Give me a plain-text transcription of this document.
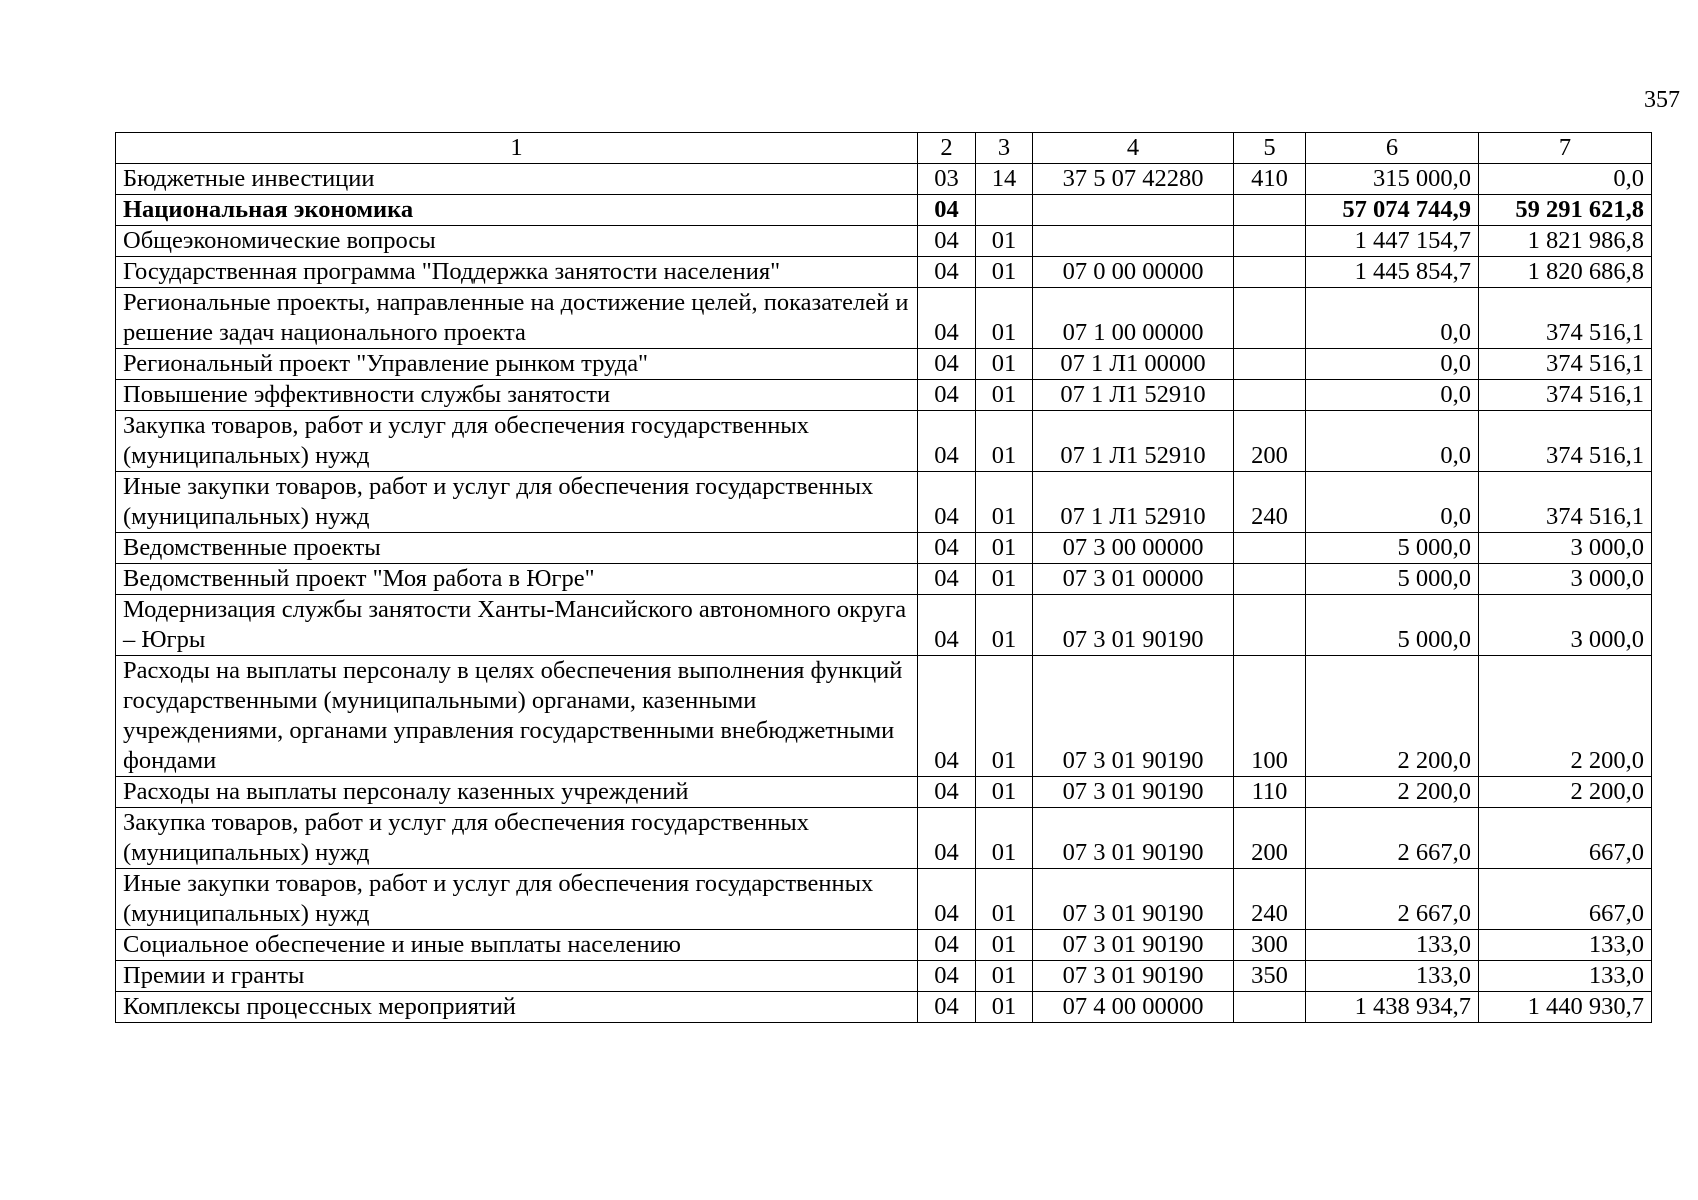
357
1	2	3	4	5	6	7
Бюджетные инвестиции	03	14	37 5 07 42280	410	315 000,0	0,0
Национальная экономика	04				57 074 744,9	59 291 621,8
Общеэкономические вопросы	04	01			1 447 154,7	1 821 986,8
Государственная программа "Поддержка занятости населения"	04	01	07 0 00 00000		1 445 854,7	1 820 686,8
Региональные проекты, направленные на достижение целей, показателей и решение задач национального проекта	04	01	07 1 00 00000		0,0	374 516,1
Региональный проект "Управление рынком труда"	04	01	07 1 Л1 00000		0,0	374 516,1
Повышение эффективности службы занятости	04	01	07 1 Л1 52910		0,0	374 516,1
Закупка товаров, работ и услуг для обеспечения государственных (муниципальных) нужд	04	01	07 1 Л1 52910	200	0,0	374 516,1
Иные закупки товаров, работ и услуг для обеспечения государственных (муниципальных) нужд	04	01	07 1 Л1 52910	240	0,0	374 516,1
Ведомственные проекты	04	01	07 3 00 00000		5 000,0	3 000,0
Ведомственный проект "Моя работа в Югре"	04	01	07 3 01 00000		5 000,0	3 000,0
Модернизация службы занятости Ханты-Мансийского автономного округа – Югры	04	01	07 3 01 90190		5 000,0	3 000,0
Расходы на выплаты персоналу в целях обеспечения выполнения функций государственными (муниципальными) органами, казенными учреждениями, органами управления государственными внебюджетными фондами	04	01	07 3 01 90190	100	2 200,0	2 200,0
Расходы на выплаты персоналу казенных учреждений	04	01	07 3 01 90190	110	2 200,0	2 200,0
Закупка товаров, работ и услуг для обеспечения государственных (муниципальных) нужд	04	01	07 3 01 90190	200	2 667,0	667,0
Иные закупки товаров, работ и услуг для обеспечения государственных (муниципальных) нужд	04	01	07 3 01 90190	240	2 667,0	667,0
Социальное обеспечение и иные выплаты населению	04	01	07 3 01 90190	300	133,0	133,0
Премии и гранты	04	01	07 3 01 90190	350	133,0	133,0
Комплексы процессных мероприятий	04	01	07 4 00 00000		1 438 934,7	1 440 930,7
